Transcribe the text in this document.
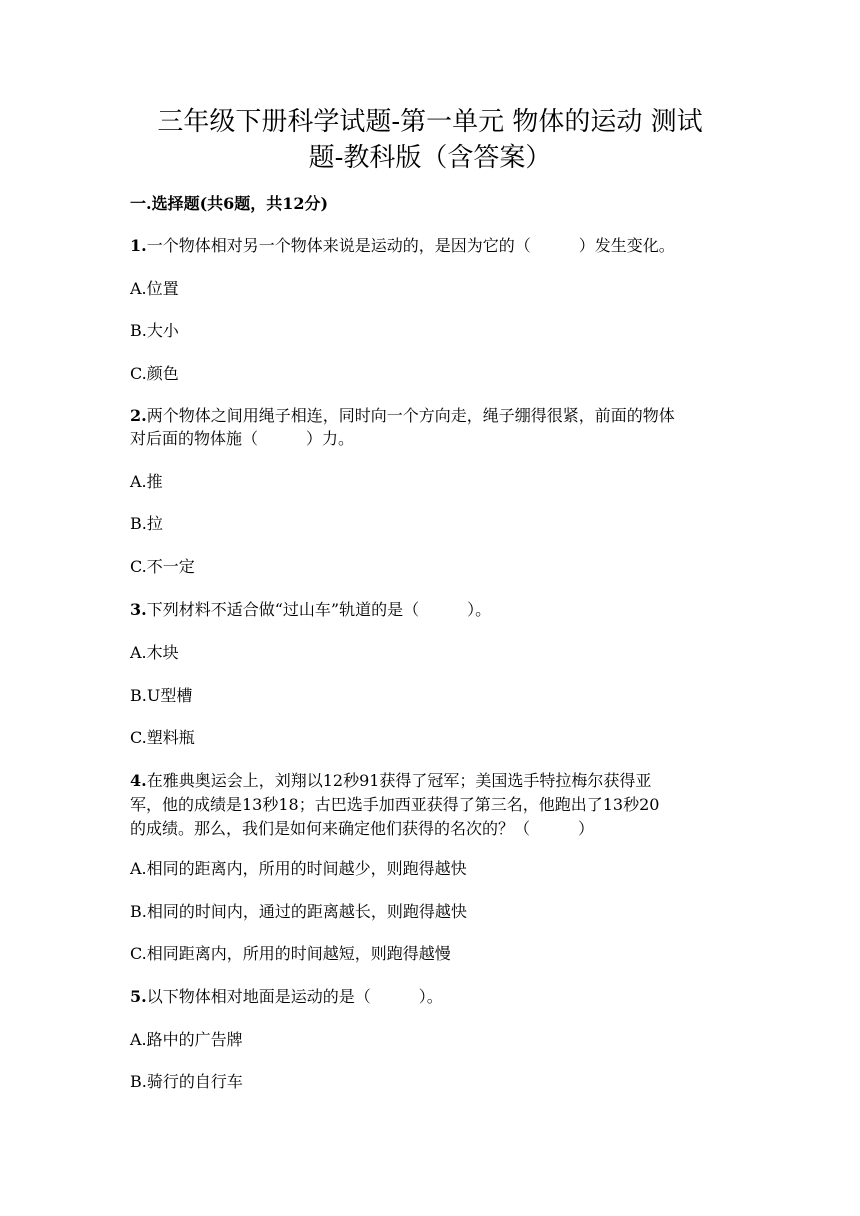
三年级下册科学试题-第一单元 物体的运动 测试
题-教科版（含答案）

一.选择题(共6题，共12分)

1.一个物体相对另一个物体来说是运动的，是因为它的（　　　）发生变化。

A.位置

B.大小

C.颜色

2.两个物体之间用绳子相连，同时向一个方向走，绳子绷得很紧，前面的物体

对后面的物体施（　　　）力。

A.推

B.拉

C.不一定

3.下列材料不适合做“过山车”轨道的是（　　　）。

A.木块

B.U型槽

C.塑料瓶

4.在雅典奥运会上，刘翔以12秒91获得了冠军；美国选手特拉梅尔获得亚

军，他的成绩是13秒18；古巴选手加西亚获得了第三名，他跑出了13秒20

的成绩。那么，我们是如何来确定他们获得的名次的？（　　　）

A.相同的距离内，所用的时间越少，则跑得越快

B.相同的时间内，通过的距离越长，则跑得越快

C.相同距离内，所用的时间越短，则跑得越慢

5.以下物体相对地面是运动的是（　　　）。

A.路中的广告牌

B.骑行的自行车
